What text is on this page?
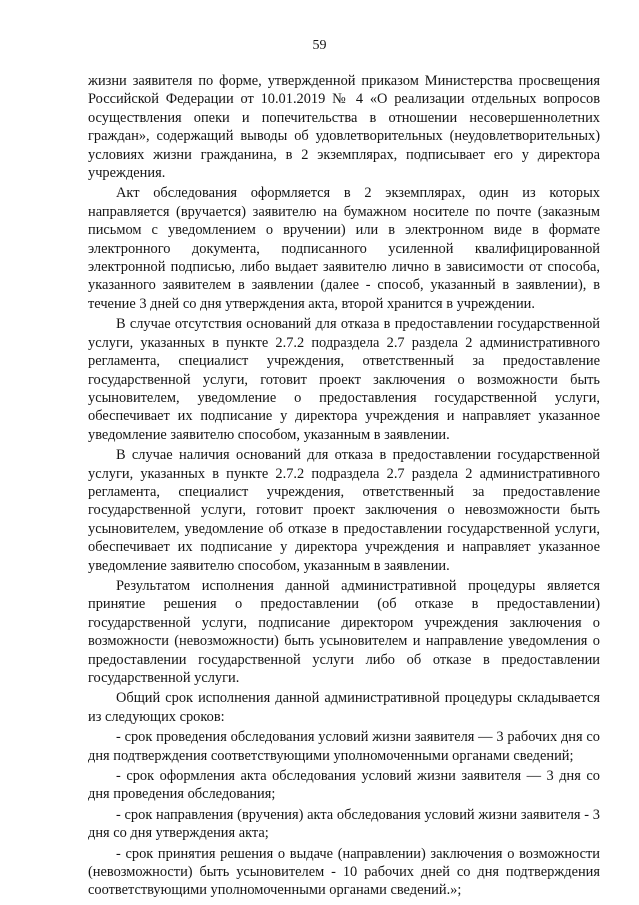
59

жизни заявителя по форме, утвержденной приказом Министерства просвещения Российской Федерации от 10.01.2019 № 4 «О реализации отдельных вопросов осуществления опеки и попечительства в отношении несовершеннолетних граждан», содержащий выводы об удовлетворительных (неудовлетворительных) условиях жизни гражданина, в 2 экземплярах, подписывает его у директора учреждения.

Акт обследования оформляется в 2 экземплярах, один из которых направляется (вручается) заявителю на бумажном носителе по почте (заказным письмом с уведомлением о вручении) или в электронном виде в формате электронного документа, подписанного усиленной квалифицированной электронной подписью, либо выдает заявителю лично в зависимости от способа, указанного заявителем в заявлении (далее - способ, указанный в заявлении), в течение 3 дней со дня утверждения акта, второй хранится в учреждении.

В случае отсутствия оснований для отказа в предоставлении государственной услуги, указанных в пункте 2.7.2 подраздела 2.7 раздела 2 административного регламента, специалист учреждения, ответственный за предоставление государственной услуги, готовит проект заключения о возможности быть усыновителем, уведомление о предоставления государственной услуги, обеспечивает их подписание у директора учреждения и направляет указанное уведомление заявителю способом, указанным в заявлении.

В случае наличия оснований для отказа в предоставлении государственной услуги, указанных в пункте 2.7.2 подраздела 2.7 раздела 2 административного регламента, специалист учреждения, ответственный за предоставление государственной услуги, готовит проект заключения о невозможности быть усыновителем, уведомление об отказе в предоставлении государственной услуги, обеспечивает их подписание у директора учреждения и направляет указанное уведомление заявителю способом, указанным в заявлении.

Результатом исполнения данной административной процедуры является принятие решения о предоставлении (об отказе в предоставлении) государственной услуги, подписание директором учреждения заключения о возможности (невозможности) быть усыновителем и направление уведомления о предоставлении государственной услуги либо об отказе в предоставлении государственной услуги.

Общий срок исполнения данной административной процедуры складывается из следующих сроков:

- срок проведения обследования условий жизни заявителя — 3 рабочих дня со дня подтверждения соответствующими уполномоченными органами сведений;

- срок оформления акта обследования условий жизни заявителя — 3 дня со дня проведения обследования;

- срок направления (вручения) акта обследования условий жизни заявителя - 3 дня со дня утверждения акта;

- срок принятия решения о выдаче (направлении) заключения о возможности (невозможности) быть усыновителем - 10 рабочих дней со дня подтверждения соответствующими уполномоченными органами сведений.»;
